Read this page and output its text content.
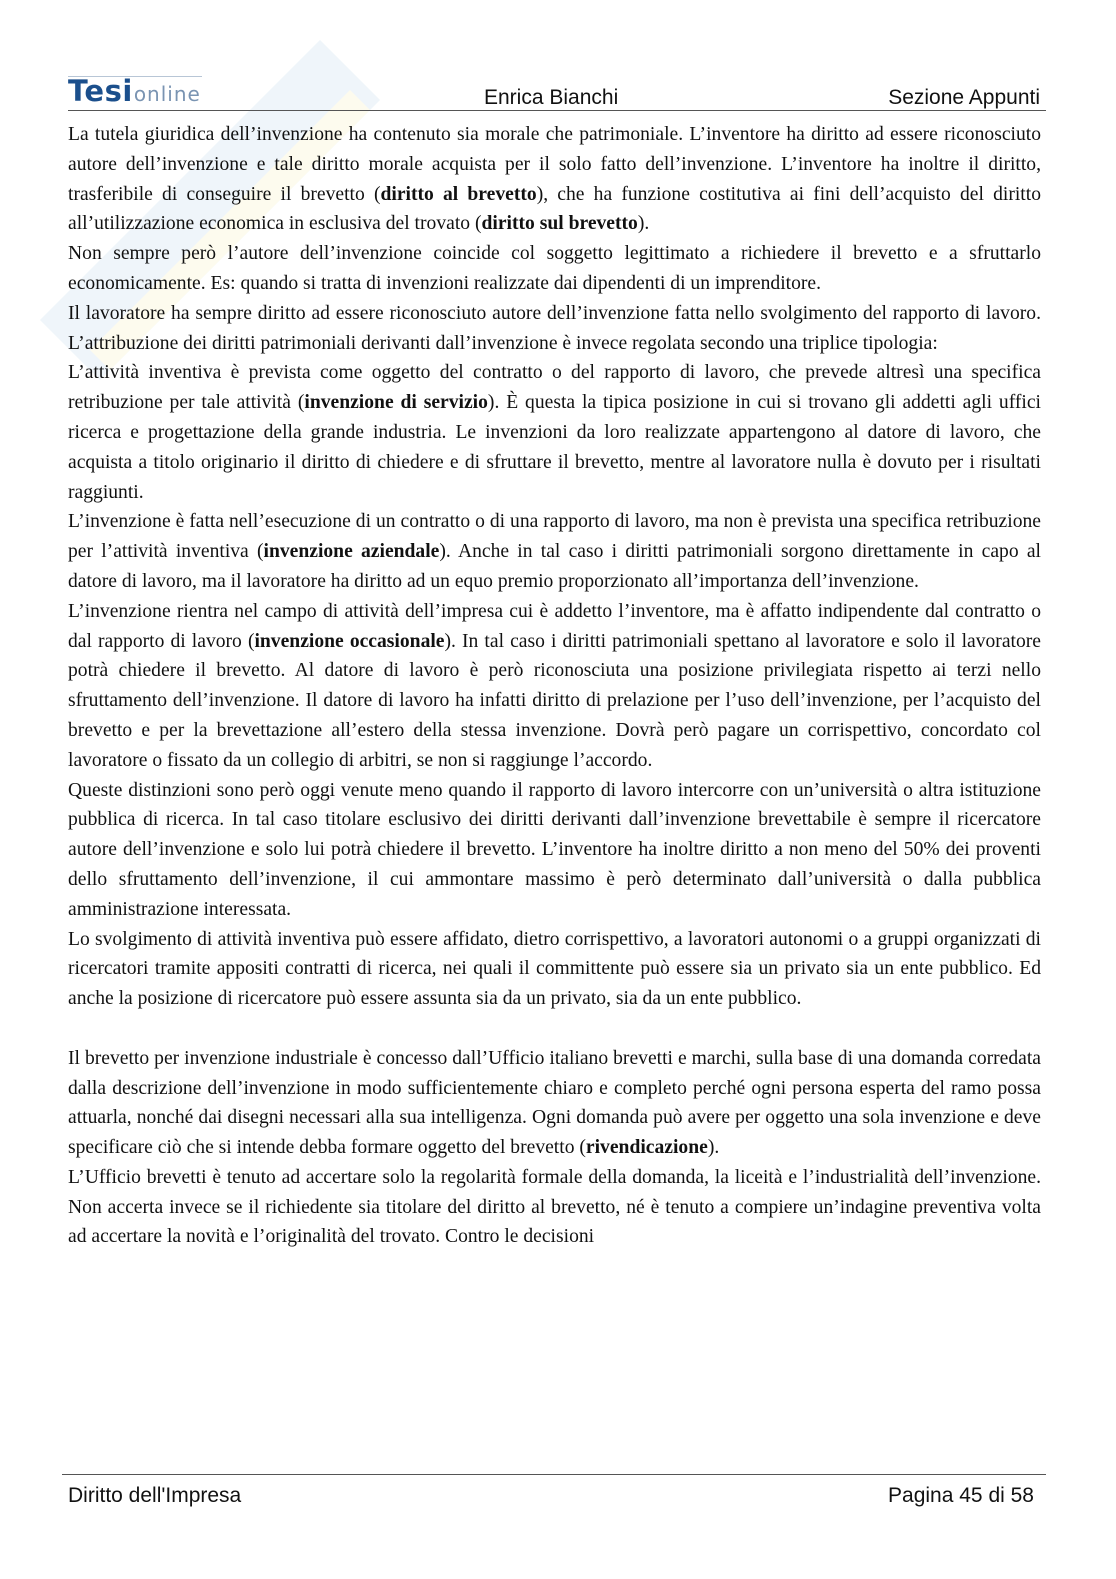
Tesionline	Enrica Bianchi	Sezione Appunti

La tutela giuridica dell’invenzione ha contenuto sia morale che patrimoniale. L’inventore ha diritto ad essere riconosciuto autore dell’invenzione e tale diritto morale acquista per il solo fatto dell’invenzione. L’inventore ha inoltre il diritto, trasferibile di conseguire il brevetto (diritto al brevetto), che ha funzione costitutiva ai fini dell’acquisto del diritto all’utilizzazione economica in esclusiva del trovato (diritto sul brevetto).

Non sempre però l’autore dell’invenzione coincide col soggetto legittimato a richiedere il brevetto e a sfruttarlo economicamente. Es: quando si tratta di invenzioni realizzate dai dipendenti di un imprenditore.

Il lavoratore ha sempre diritto ad essere riconosciuto autore dell’invenzione fatta nello svolgimento del rapporto di lavoro. L’attribuzione dei diritti patrimoniali derivanti dall’invenzione è invece regolata secondo una triplice tipologia:

L’attività inventiva è prevista come oggetto del contratto o del rapporto di lavoro, che prevede altresì una specifica retribuzione per tale attività (invenzione di servizio). È questa la tipica posizione in cui si trovano gli addetti agli uffici ricerca e progettazione della grande industria. Le invenzioni da loro realizzate appartengono al datore di lavoro, che acquista a titolo originario il diritto di chiedere e di sfruttare il brevetto, mentre al lavoratore nulla è dovuto per i risultati raggiunti.

L’invenzione è fatta nell’esecuzione di un contratto o di una rapporto di lavoro, ma non è prevista una specifica retribuzione per l’attività inventiva (invenzione aziendale). Anche in tal caso i diritti patrimoniali sorgono direttamente in capo al datore di lavoro, ma il lavoratore ha diritto ad un equo premio proporzionato all’importanza dell’invenzione.

L’invenzione rientra nel campo di attività dell’impresa cui è addetto l’inventore, ma è affatto indipendente dal contratto o dal rapporto di lavoro (invenzione occasionale). In tal caso i diritti patrimoniali spettano al lavoratore e solo il lavoratore potrà chiedere il brevetto. Al datore di lavoro è però riconosciuta una posizione privilegiata rispetto ai terzi nello sfruttamento dell’invenzione. Il datore di lavoro ha infatti diritto di prelazione per l’uso dell’invenzione, per l’acquisto del brevetto e per la brevettazione all’estero della stessa invenzione. Dovrà però pagare un corrispettivo, concordato col lavoratore o fissato da un collegio di arbitri, se non si raggiunge l’accordo.

Queste distinzioni sono però oggi venute meno quando il rapporto di lavoro intercorre con un’università o altra istituzione pubblica di ricerca. In tal caso titolare esclusivo dei diritti derivanti dall’invenzione brevettabile è sempre il ricercatore autore dell’invenzione e solo lui potrà chiedere il brevetto. L’inventore ha inoltre diritto a non meno del 50% dei proventi dello sfruttamento dell’invenzione, il cui ammontare massimo è però determinato dall’università o dalla pubblica amministrazione interessata.

Lo svolgimento di attività inventiva può essere affidato, dietro corrispettivo, a lavoratori autonomi o a gruppi organizzati di ricercatori tramite appositi contratti di ricerca, nei quali il committente può essere sia un privato sia un ente pubblico. Ed anche la posizione di ricercatore può essere assunta sia da un privato, sia da un ente pubblico.

Il brevetto per invenzione industriale è concesso dall’Ufficio italiano brevetti e marchi, sulla base di una domanda corredata dalla descrizione dell’invenzione in modo sufficientemente chiaro e completo perché ogni persona esperta del ramo possa attuarla, nonché dai disegni necessari alla sua intelligenza. Ogni domanda può avere per oggetto una sola invenzione e deve specificare ciò che si intende debba formare oggetto del brevetto (rivendicazione).

L’Ufficio brevetti è tenuto ad accertare solo la regolarità formale della domanda, la liceità e l’industrialità dell’invenzione. Non accerta invece se il richiedente sia titolare del diritto al brevetto, né è tenuto a compiere un’indagine preventiva volta ad accertare la novità e l’originalità del trovato. Contro le decisioni

Diritto dell'Impresa	Pagina 45 di 58
